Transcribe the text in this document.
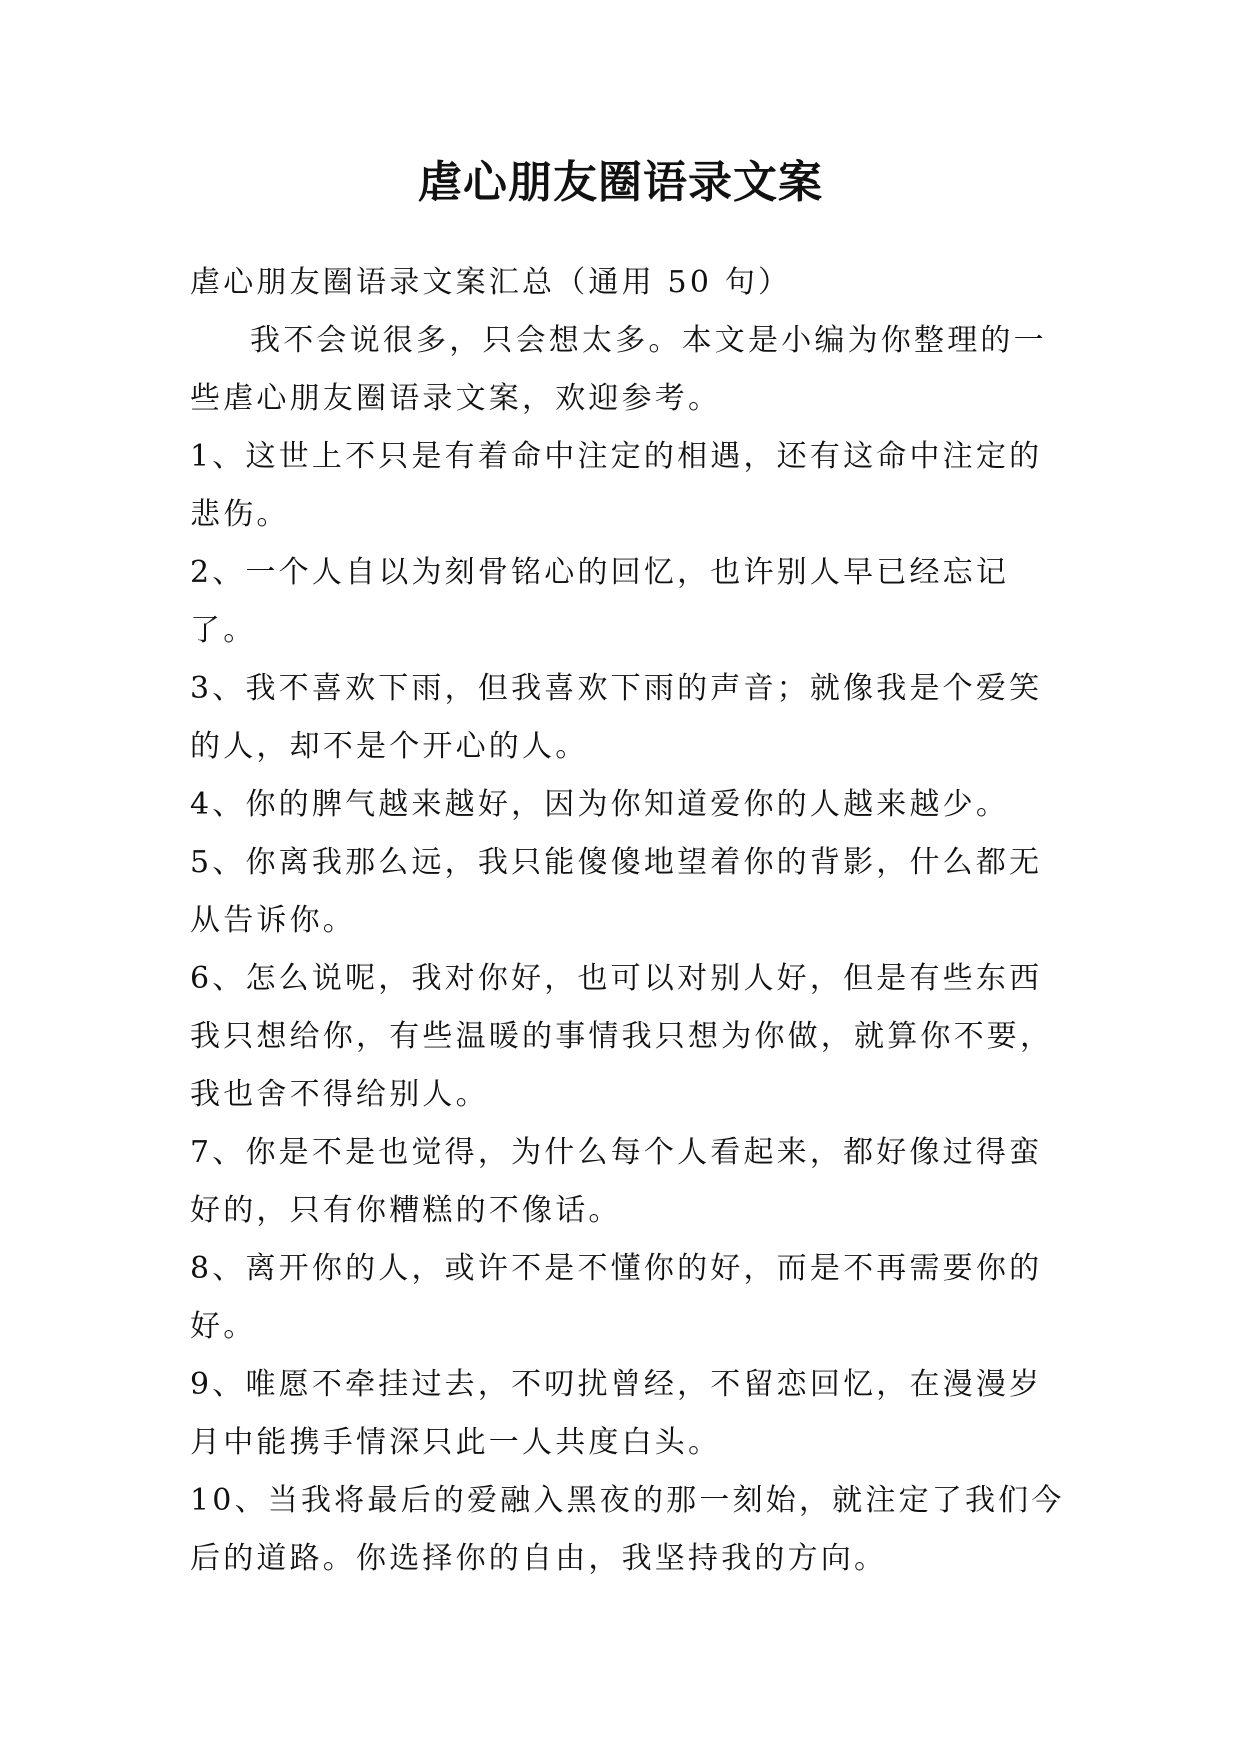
虐心朋友圈语录文案

虐心朋友圈语录文案汇总（通用 50 句）

我不会说很多，只会想太多。本文是小编为你整理的一些虐心朋友圈语录文案，欢迎参考。

1、这世上不只是有着命中注定的相遇，还有这命中注定的悲伤。

2、一个人自以为刻骨铭心的回忆，也许别人早已经忘记了。

3、我不喜欢下雨，但我喜欢下雨的声音；就像我是个爱笑的人，却不是个开心的人。

4、你的脾气越来越好，因为你知道爱你的人越来越少。

5、你离我那么远，我只能傻傻地望着你的背影，什么都无从告诉你。

6、怎么说呢，我对你好，也可以对别人好，但是有些东西我只想给你，有些温暖的事情我只想为你做，就算你不要，我也舍不得给别人。

7、你是不是也觉得，为什么每个人看起来，都好像过得蛮好的，只有你糟糕的不像话。

8、离开你的人，或许不是不懂你的好，而是不再需要你的好。

9、唯愿不牵挂过去，不叨扰曾经，不留恋回忆，在漫漫岁月中能携手情深只此一人共度白头。

10、当我将最后的爱融入黑夜的那一刻始，就注定了我们今后的道路。你选择你的自由，我坚持我的方向。
